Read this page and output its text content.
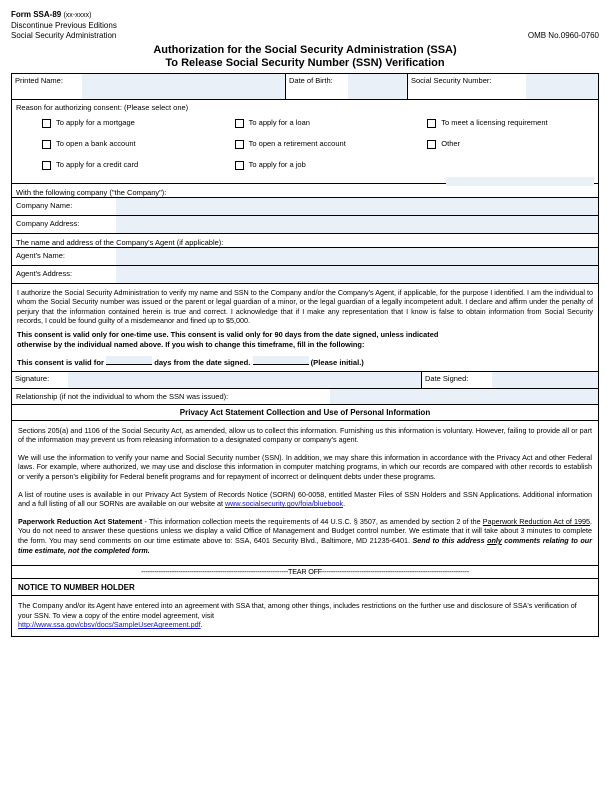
Form SSA-89 (xx-xxxx)
Discontinue Previous Editions
Social Security Administration	OMB No.0960-0760
Authorization for the Social Security Administration (SSA)
To Release Social Security Number (SSN) Verification
Printed Name:	Date of Birth:	Social Security Number:
Reason for authorizing consent: (Please select one)
To apply for a mortgage	To apply for a loan	To meet a licensing requirement
To open a bank account	To open a retirement account	Other
To apply for a credit card	To apply for a job
With the following company ("the Company"):
Company Name:
Company Address:
The name and address of the Company's Agent (if applicable):
Agent's Name:
Agent's Address:
I authorize the Social Security Administration to verify my name and SSN to the Company and/or the Company's Agent, if applicable, for the purpose I identified. I am the individual to whom the Social Security number was issued or the parent or legal guardian of a minor, or the legal guardian of a legally incompetent adult. I declare and affirm under the penalty of perjury that the information contained herein is true and correct. I acknowledge that if I make any representation that I know is false to obtain information from Social Security records, I could be found guilty of a misdemeanor and fined up to $5,000.
This consent is valid only for one-time use. This consent is valid only for 90 days from the date signed, unless indicated
otherwise by the individual named above. If you wish to change this timeframe, fill in the following:
This consent is valid for	days from the date signed.	(Please initial.)
Signature:	Date Signed:
Relationship (if not the individual to whom the SSN was issued):
Privacy Act Statement Collection and Use of Personal Information

Sections 205(a) and 1106 of the Social Security Act, as amended, allow us to collect this information. Furnishing us this information is voluntary. However, failing to provide all or part of the information may prevent us from releasing information to a designated company or company's agent.

We will use the information to verify your name and Social Security number (SSN). In addition, we may share this information in accordance with the Privacy Act and other Federal laws. For example, where authorized, we may use and disclose this information in computer matching programs, in which our records are compared with other records to establish or verify a person's eligibility for Federal benefit programs and for repayment of incorrect or delinquent debts under these programs.

A list of routine uses is available in our Privacy Act System of Records Notice (SORN) 60-0058, entitled Master Files of SSN Holders and SSN Applications. Additional information and a full listing of all our SORNs are available on our website at www.socialsecurity.gov/foia/bluebook.

Paperwork Reduction Act Statement - This information collection meets the requirements of 44 U.S.C. § 3507, as amended by section 2 of the Paperwork Reduction Act of 1995. You do not need to answer these questions unless we display a valid Office of Management and Budget control number. We estimate that it will take about 3 minutes to complete the form. You may send comments on our time estimate above to: SSA, 6401 Security Blvd., Baltimore, MD 21235-6401. Send to this address only comments relating to our time estimate, not the completed form.

-------------------------------------------------------------------TEAR OFF-------------------------------------------------------------------
NOTICE TO NUMBER HOLDER
The Company and/or its Agent have entered into an agreement with SSA that, among other things, includes restrictions on the further use and disclosure of SSA's verification of your SSN. To view a copy of the entire model agreement, visit
http://www.ssa.gov/cbsv/docs/SampleUserAgreement.pdf.
